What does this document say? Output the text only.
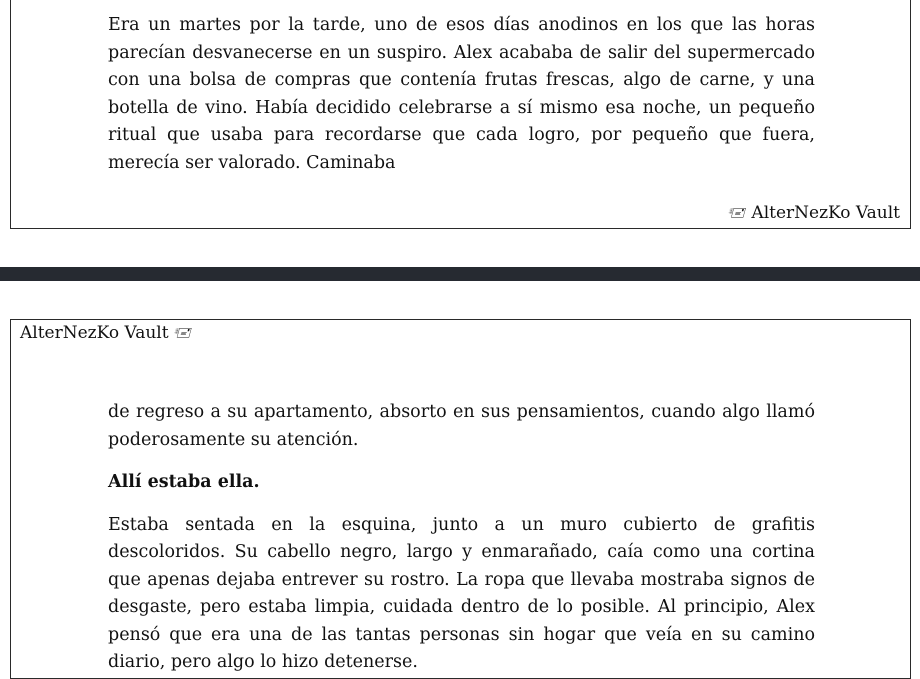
Era un martes por la tarde, uno de esos días anodinos en los que las horas parecían desvanecerse en un suspiro. Alex acababa de salir del supermercado con una bolsa de compras que contenía frutas frescas, algo de carne, y una botella de vino. Había decidido celebrarse a sí mismo esa noche, un pequeño ritual que usaba para recordarse que cada logro, por pequeño que fuera, merecía ser valorado. Caminaba

🖅 AlterNezKo Vault
AlterNezKo Vault 🖅

de regreso a su apartamento, absorto en sus pensamientos, cuando algo llamó poderosamente su atención.

Allí estaba ella.

Estaba sentada en la esquina, junto a un muro cubierto de grafitis descoloridos. Su cabello negro, largo y enmarañado, caía como una cortina que apenas dejaba entrever su rostro. La ropa que llevaba mostraba signos de desgaste, pero estaba limpia, cuidada dentro de lo posible. Al principio, Alex pensó que era una de las tantas personas sin hogar que veía en su camino diario, pero algo lo hizo detenerse.
